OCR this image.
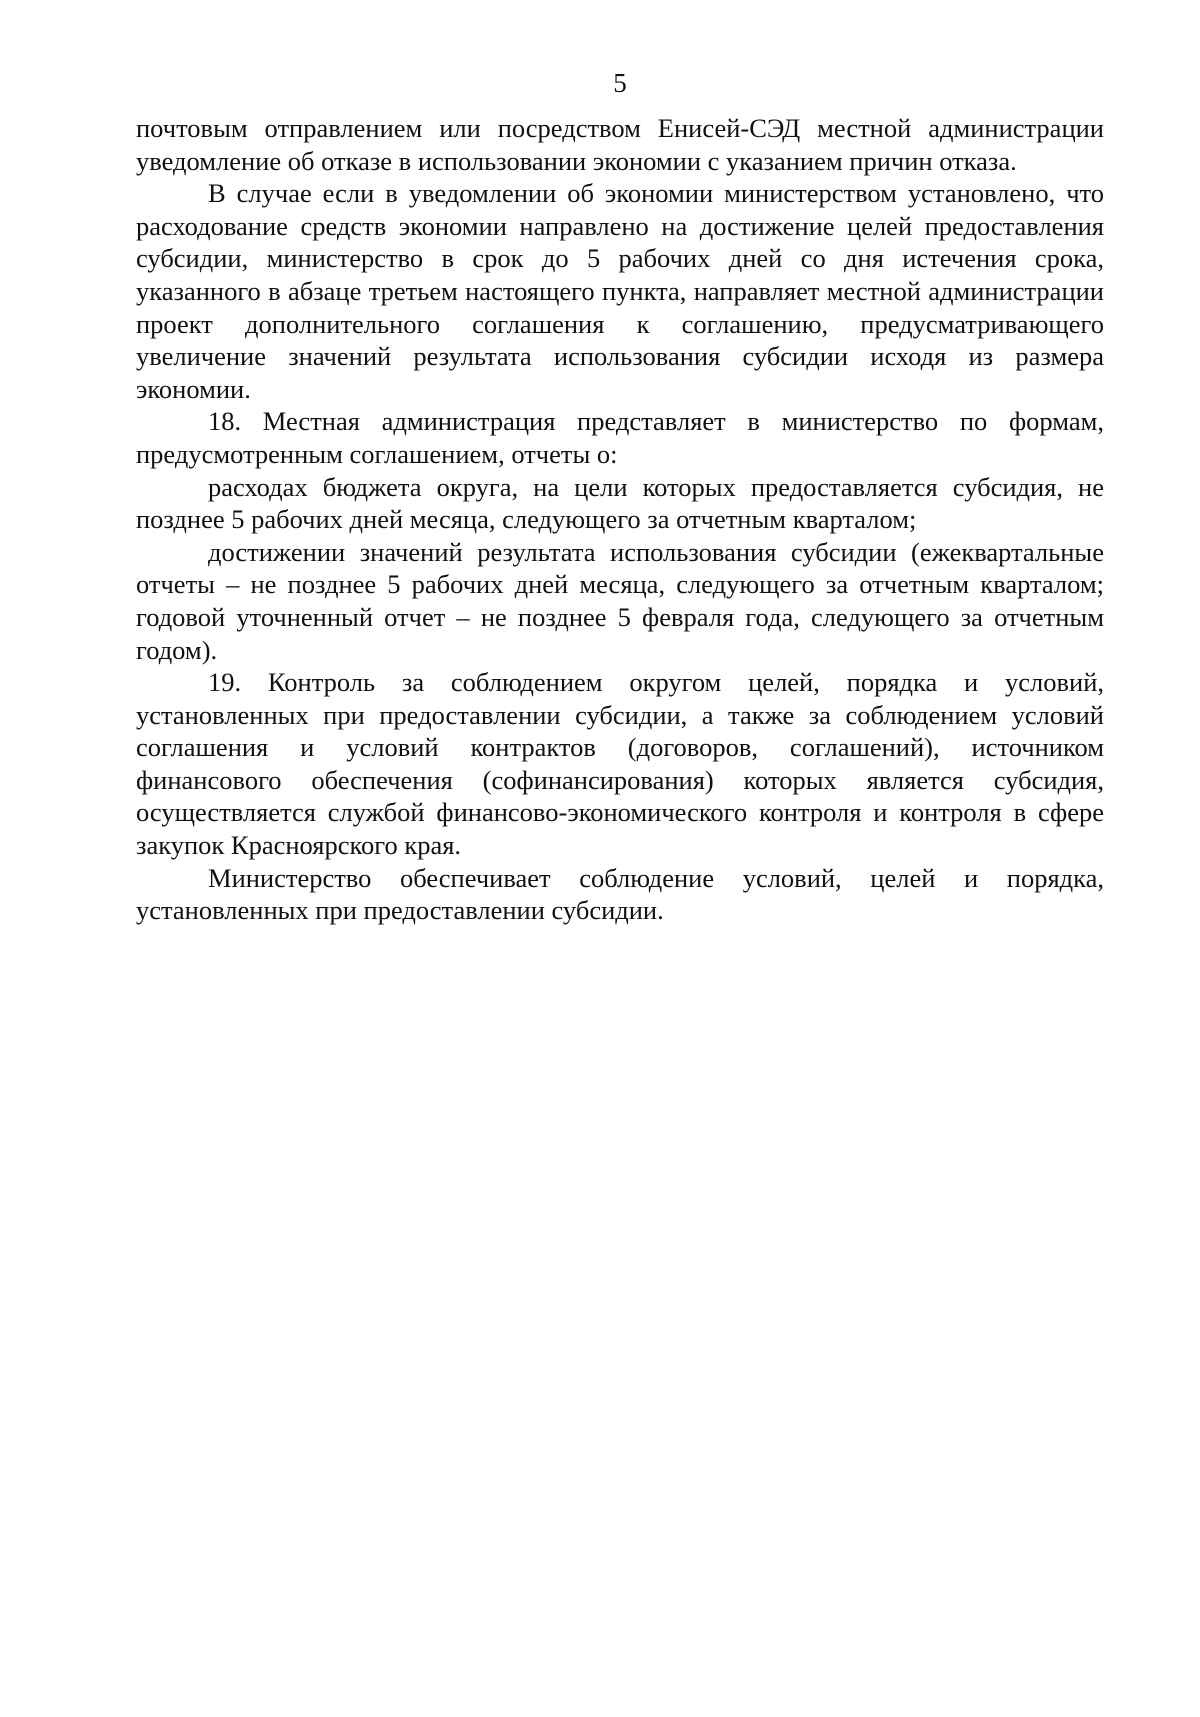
5

почтовым отправлением или посредством Енисей-СЭД местной администрации уведомление об отказе в использовании экономии с указанием причин отказа.

В случае если в уведомлении об экономии министерством установлено, что расходование средств экономии направлено на достижение целей предоставления субсидии, министерство в срок до 5 рабочих дней со дня истечения срока, указанного в абзаце третьем настоящего пункта, направляет местной администрации проект дополнительного соглашения к соглашению, предусматривающего увеличение значений результата использования субсидии исходя из размера экономии.

18. Местная администрация представляет в министерство по формам, предусмотренным соглашением, отчеты о:

расходах бюджета округа, на цели которых предоставляется субсидия, не позднее 5 рабочих дней месяца, следующего за отчетным кварталом;

достижении значений результата использования субсидии (ежеквартальные отчеты – не позднее 5 рабочих дней месяца, следующего за отчетным кварталом; годовой уточненный отчет – не позднее 5 февраля года, следующего за отчетным годом).

19. Контроль за соблюдением округом целей, порядка и условий, установленных при предоставлении субсидии, а также за соблюдением условий соглашения и условий контрактов (договоров, соглашений), источником финансового обеспечения (софинансирования) которых является субсидия, осуществляется службой финансово-экономического контроля и контроля в сфере закупок Красноярского края.

Министерство обеспечивает соблюдение условий, целей и порядка, установленных при предоставлении субсидии.
